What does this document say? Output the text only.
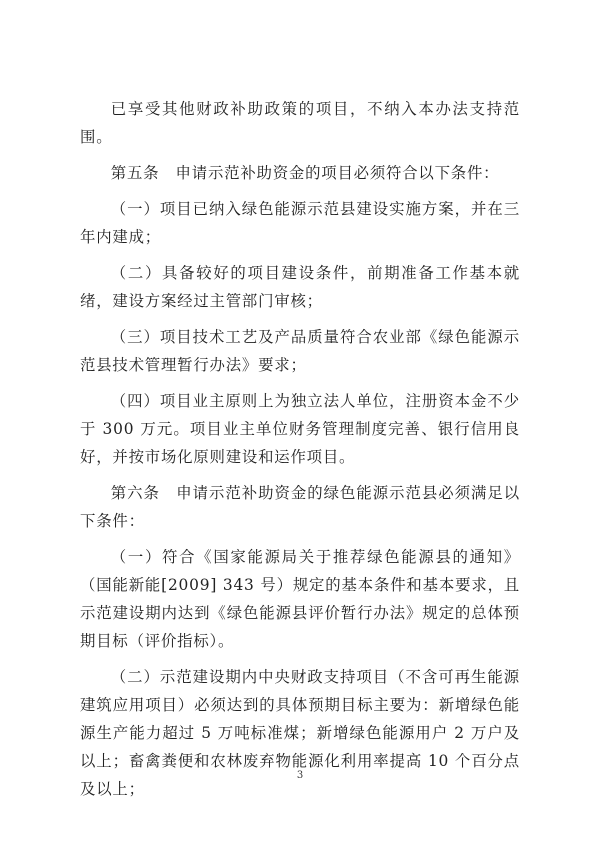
已享受其他财政补助政策的项目，不纳入本办法支持范围。

第五条　申请示范补助资金的项目必须符合以下条件：

（一）项目已纳入绿色能源示范县建设实施方案，并在三年内建成；

（二）具备较好的项目建设条件，前期准备工作基本就绪，建设方案经过主管部门审核；

（三）项目技术工艺及产品质量符合农业部《绿色能源示范县技术管理暂行办法》要求；

（四）项目业主原则上为独立法人单位，注册资本金不少于 300 万元。项目业主单位财务管理制度完善、银行信用良好，并按市场化原则建设和运作项目。

第六条　申请示范补助资金的绿色能源示范县必须满足以下条件：

（一）符合《国家能源局关于推荐绿色能源县的通知》（国能新能[2009] 343 号）规定的基本条件和基本要求，且示范建设期内达到《绿色能源县评价暂行办法》规定的总体预期目标（评价指标）。

（二）示范建设期内中央财政支持项目（不含可再生能源建筑应用项目）必须达到的具体预期目标主要为：新增绿色能源生产能力超过 5 万吨标准煤；新增绿色能源用户 2 万户及以上；畜禽粪便和农林废弃物能源化利用率提高 10 个百分点及以上；

3
